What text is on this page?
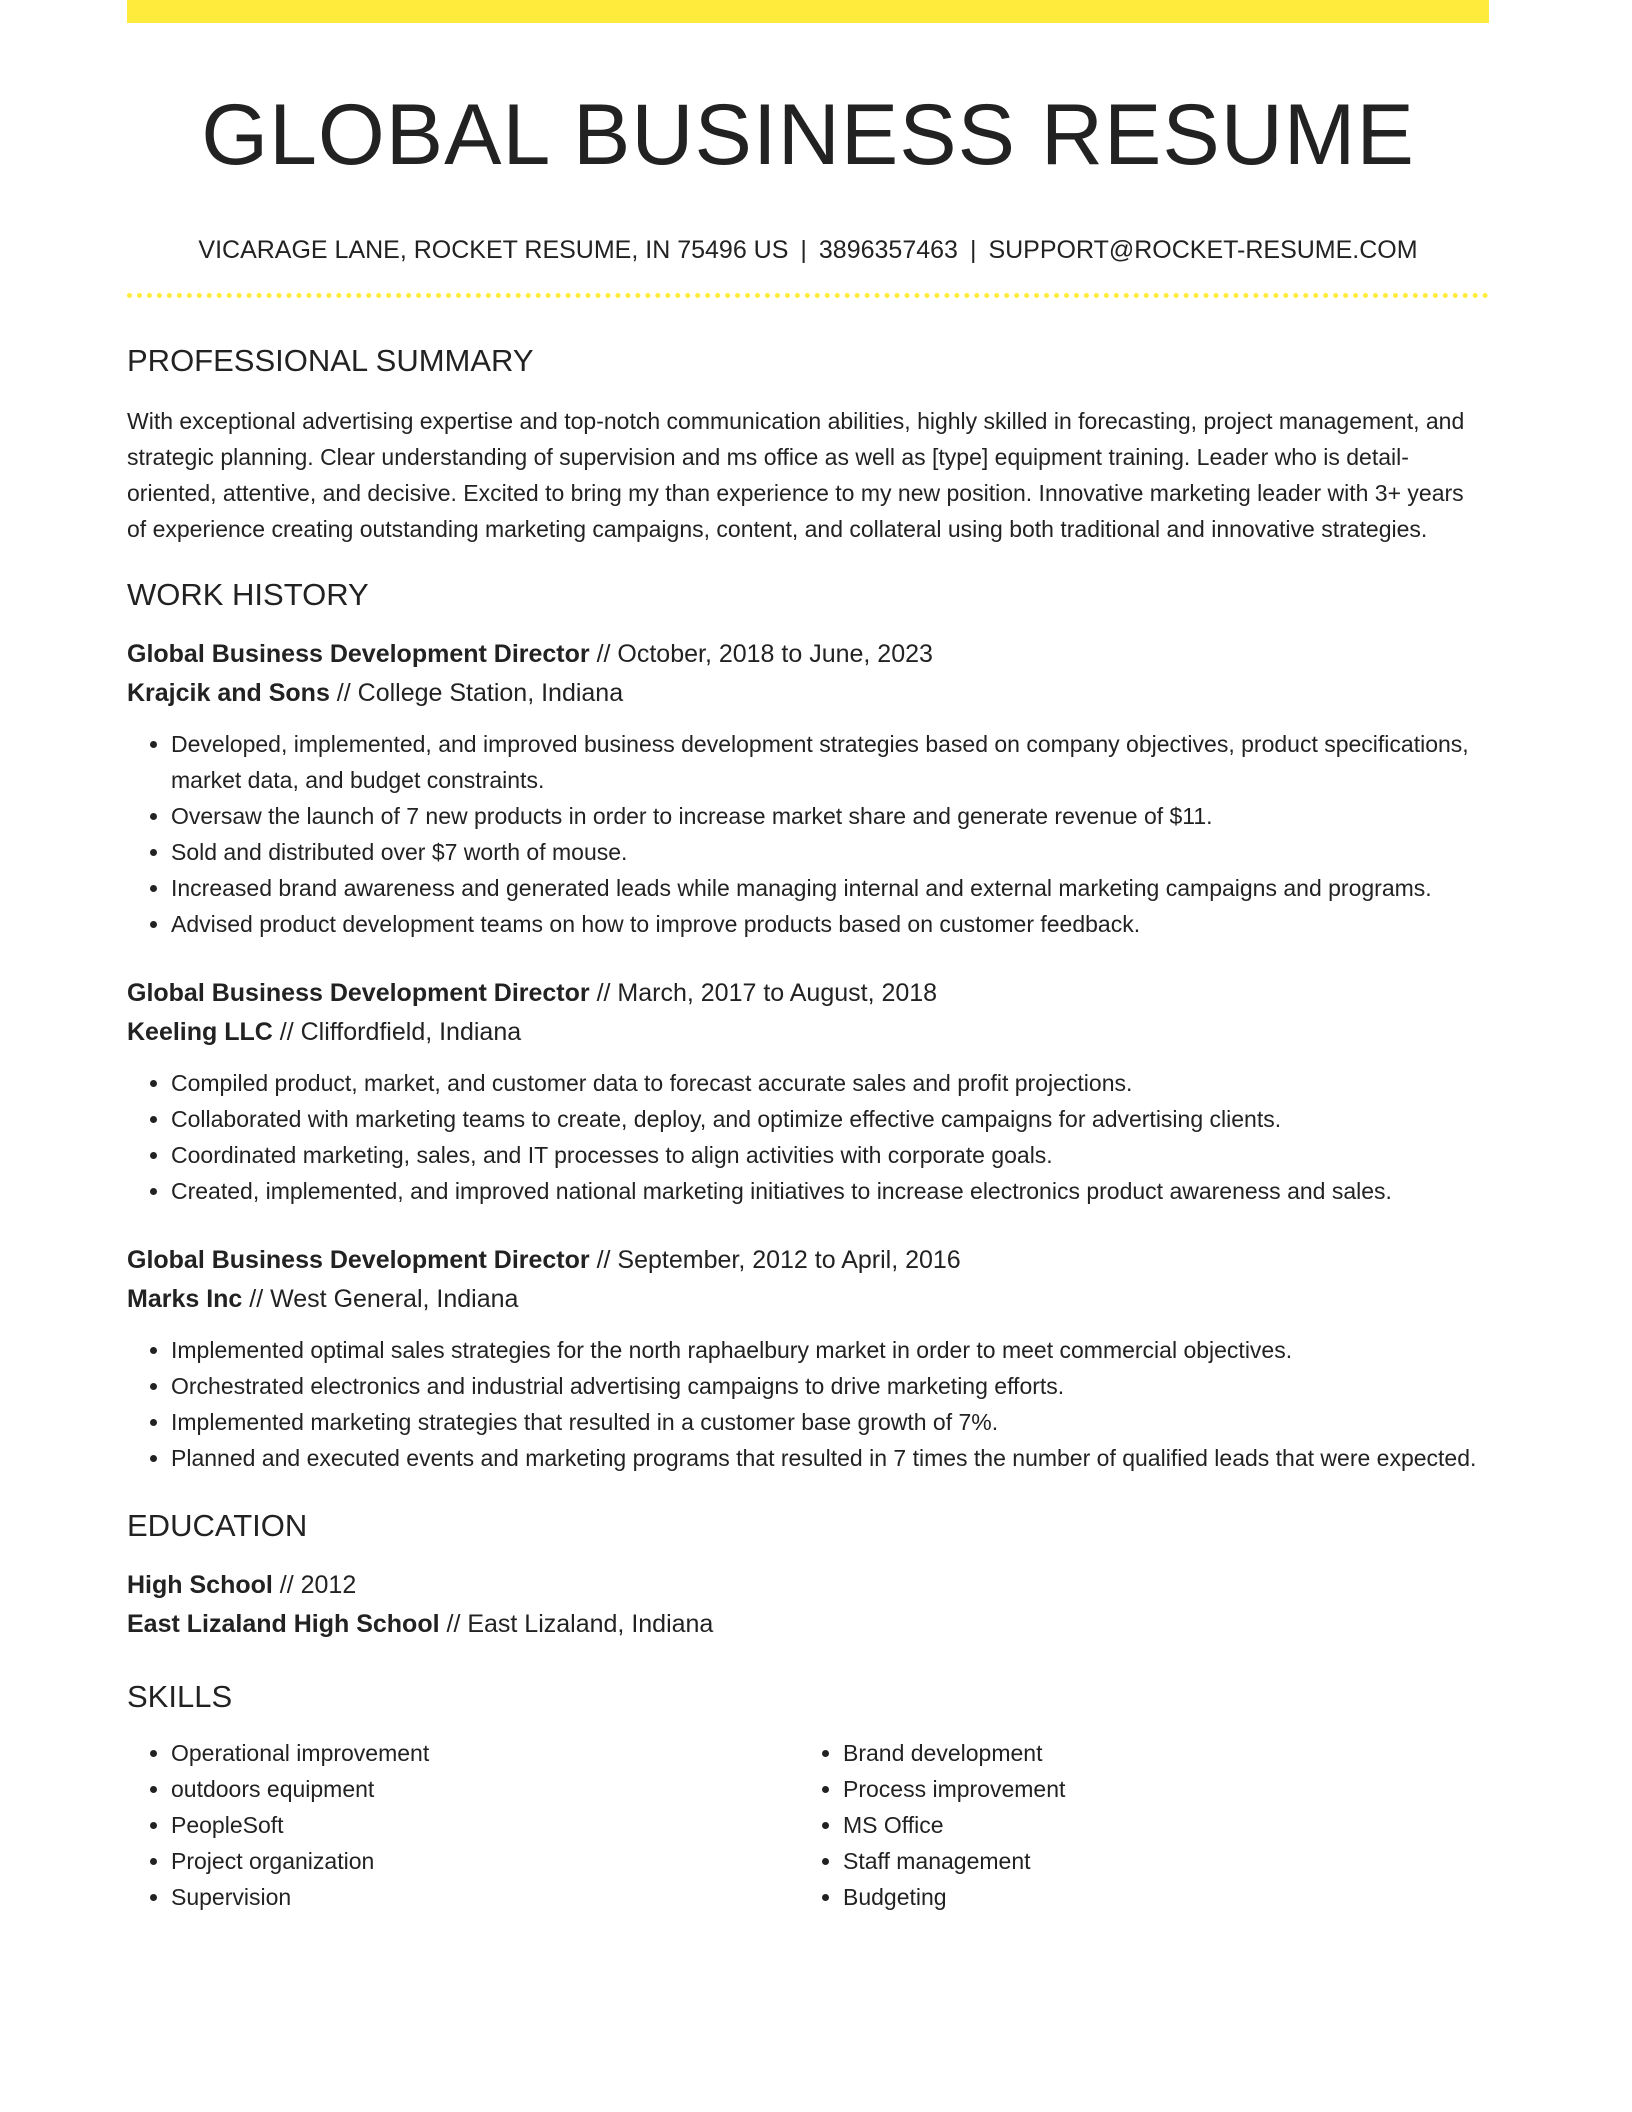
GLOBAL BUSINESS RESUME
VICARAGE LANE, ROCKET RESUME, IN 75496 US | 3896357463 | SUPPORT@ROCKET-RESUME.COM
PROFESSIONAL SUMMARY
With exceptional advertising expertise and top-notch communication abilities, highly skilled in forecasting, project management, and strategic planning. Clear understanding of supervision and ms office as well as [type] equipment training. Leader who is detail-oriented, attentive, and decisive. Excited to bring my than experience to my new position. Innovative marketing leader with 3+ years of experience creating outstanding marketing campaigns, content, and collateral using both traditional and innovative strategies.
WORK HISTORY
Global Business Development Director // October, 2018 to June, 2023
Krajcik and Sons // College Station, Indiana
• Developed, implemented, and improved business development strategies based on company objectives, product specifications, market data, and budget constraints.
• Oversaw the launch of 7 new products in order to increase market share and generate revenue of $11.
• Sold and distributed over $7 worth of mouse.
• Increased brand awareness and generated leads while managing internal and external marketing campaigns and programs.
• Advised product development teams on how to improve products based on customer feedback.
Global Business Development Director // March, 2017 to August, 2018
Keeling LLC // Cliffordfield, Indiana
• Compiled product, market, and customer data to forecast accurate sales and profit projections.
• Collaborated with marketing teams to create, deploy, and optimize effective campaigns for advertising clients.
• Coordinated marketing, sales, and IT processes to align activities with corporate goals.
• Created, implemented, and improved national marketing initiatives to increase electronics product awareness and sales.
Global Business Development Director // September, 2012 to April, 2016
Marks Inc // West General, Indiana
• Implemented optimal sales strategies for the north raphaelbury market in order to meet commercial objectives.
• Orchestrated electronics and industrial advertising campaigns to drive marketing efforts.
• Implemented marketing strategies that resulted in a customer base growth of 7%.
• Planned and executed events and marketing programs that resulted in 7 times the number of qualified leads that were expected.
EDUCATION
High School // 2012
East Lizaland High School // East Lizaland, Indiana
SKILLS
• Operational improvement
• outdoors equipment
• PeopleSoft
• Project organization
• Supervision
• Brand development
• Process improvement
• MS Office
• Staff management
• Budgeting
